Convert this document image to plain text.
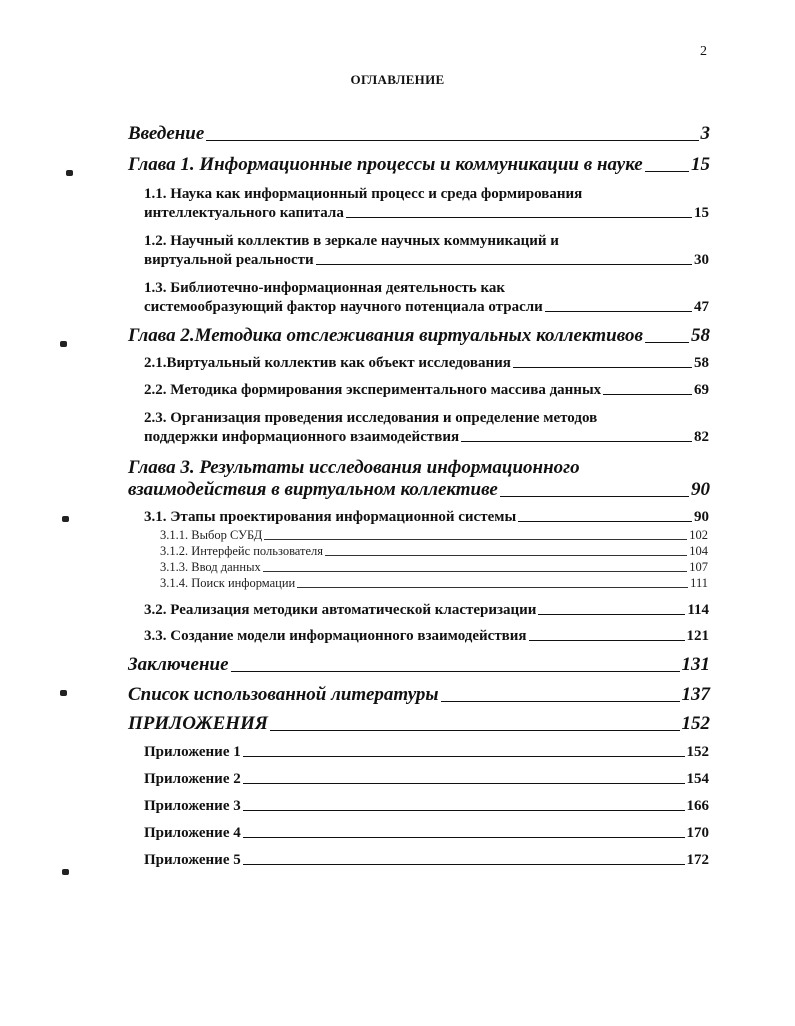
2
ОГЛАВЛЕНИЕ
Введение	3
Глава 1. Информационные процессы и коммуникации в науке	15
1.1. Наука как информационный процесс и среда формирования
интеллектуального капитала	15
1.2. Научный коллектив в зеркале научных коммуникаций и
виртуальной реальности	30
1.3. Библиотечно-информационная деятельность как
системообразующий фактор научного потенциала отрасли	47
Глава 2.Методика отслеживания виртуальных коллективов	58
2.1.Виртуальный коллектив как объект исследования	58
2.2. Методика формирования экспериментального массива данных	69
2.3. Организация проведения исследования и определение методов
поддержки информационного взаимодействия	82
Глава 3. Результаты исследования информационного
взаимодействия в виртуальном коллективе	90
3.1. Этапы проектирования информационной системы	90
3.1.1. Выбор СУБД	102
3.1.2. Интерфейс пользователя	104
3.1.3. Ввод данных	107
3.1.4. Поиск информации	111
3.2. Реализация методики автоматической кластеризации	114
3.3. Создание модели информационного взаимодействия	121
Заключение	131
Список использованной литературы	137
ПРИЛОЖЕНИЯ	152
Приложение 1	152
Приложение 2	154
Приложение 3	166
Приложение 4	170
Приложение 5	172
